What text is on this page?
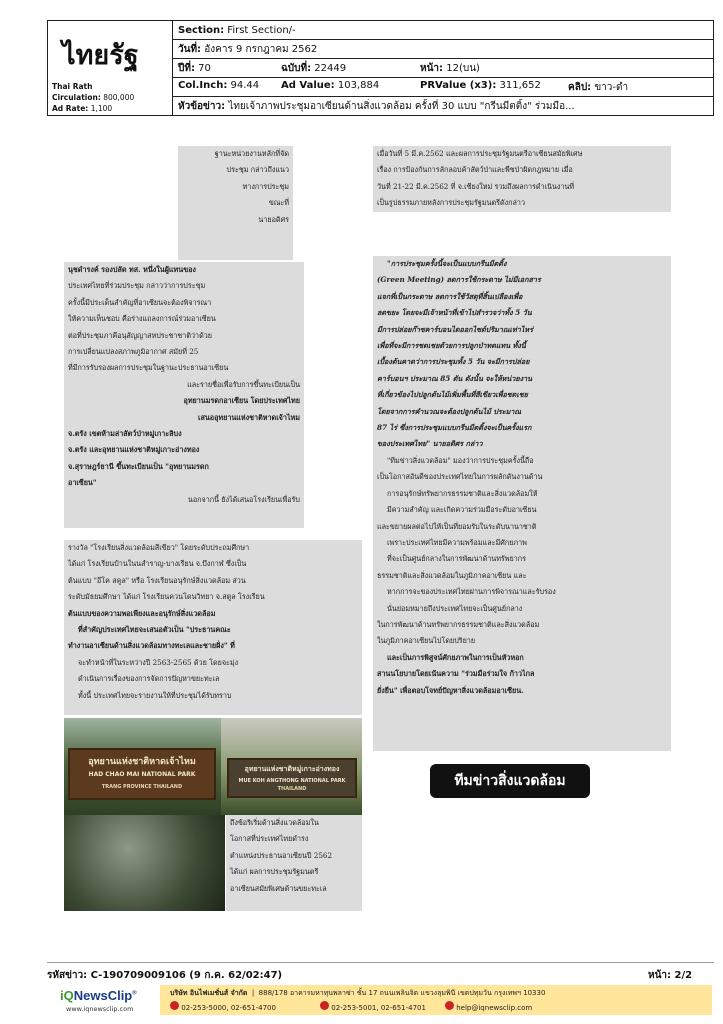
ไทยรัฐ
Thai Rath
Circulation: 800,000
Ad Rate: 1,100
Section: First Section/-
วันที่: อังคาร 9 กรกฎาคม 2562
ปีที่: 70	ฉบับที่: 22449	หน้า: 12(บน)
Col.Inch: 94.44 Ad Value: 103,884	PRValue (x3): 311,652	คลิป: ขาว-ดำ
หัวข้อข่าว: ไทยเจ้าภาพประชุมอาเซียนด้านสิ่งแวดล้อม ครั้งที่ 30 แบบ "กรีนมีตติ้ง" ร่วมมือ...

ฐานะหน่วยงานหลักที่จัด

ประชุม กล่าวถึงแนว

ทางการประชุม

ขณะที่

นายอดิศร

นุชดำรงค์ รองปลัด ทส. หนึ่งในผู้แทนของ

ประเทศไทยที่ร่วมประชุม กล่าวว่าการประชุม

ครั้งนี้มีประเด็นสำคัญที่อาเซียนจะต้องพิจารณา

ให้ความเห็นชอบ คือร่างแถลงการณ์ร่วมอาเซียน

ต่อที่ประชุมภาคีอนุสัญญาสหประชาชาติว่าด้วย

การเปลี่ยนแปลงสภาพภูมิอากาศ สมัยที่ 25

ที่มีการรับรองผลการประชุมในฐานะประธานอาเซียน

และรายชื่อเพื่อรับการขึ้นทะเบียนเป็น

อุทยานมรดกอาเซียน โดยประเทศไทย

เสนออุทยานแห่งชาติหาดเจ้าไหม

จ.ตรัง เขตห้ามล่าสัตว์ป่าหมู่เกาะลิบง

จ.ตรัง และอุทยานแห่งชาติหมู่เกาะอ่างทอง

จ.สุราษฎร์ธานี ขึ้นทะเบียนเป็น "อุทยานมรดก

อาเซียน"

นอกจากนี้ ยังได้เสนอโรงเรียนเพื่อรับ

รางวัล "โรงเรียนสิ่งแวดล้อมสีเขียว" โดยระดับประถมศึกษา

ได้แก่ โรงเรียนบ้านในนสำราญ-บางเรียน จ.บึงกาฬ ซึ่งเป็น

ต้นแบบ "อีโค สคูล" หรือ โรงเรียนอนุรักษ์สิ่งแวดล้อม ส่วน

ระดับมัธยมศึกษา ได้แก่ โรงเรียนควนโดนวิทยา จ.สตูล โรงเรียน

ต้นแบบของความพอเพียงและอนุรักษ์สิ่งแวดล้อม

ที่สำคัญประเทศไทยจะเสนอตัวเป็น "ประธานคณะ

ทำงานอาเซียนด้านสิ่งแวดล้อมทางทะเลและชายฝั่ง" ที่

จะทำหน้าที่ในระหว่างปี 2563-2565 ด้วย โดยจะมุ่ง

ดำเนินการเรื่องของการจัดการปัญหาขยะทะเล

ทั้งนี้ ประเทศไทยจะรายงานให้ที่ประชุมได้รับทราบ

อุทยานแห่งชาติหาดเจ้าไหม
HAD CHAO MAI NATIONAL PARK
TRANG PROVINCE THAILAND
อุทยานแห่งชาติหมู่เกาะอ่างทอง
MUE KOH ANGTHONG NATIONAL PARK
THAILAND

ถึงข้อริเริ่มด้านสิ่งแวดล้อมใน

โอกาสที่ประเทศไทยดำรง

ตำแหน่งประธานอาเซียนปี 2562

ได้แก่ ผลการประชุมรัฐมนตรี

อาเซียนสมัยพิเศษด้านขยะทะเล

เมื่อวันที่ 5 มี.ค.2562 และผลการประชุมรัฐมนตรีอาเซียนสมัยพิเศษ

เรื่อง การป้องกันการลักลอบค้าสัตว์ป่าและพืชป่าผิดกฎหมาย เมื่อ

วันที่ 21-22 มี.ค.2562 ที่ จ.เชียงใหม่ รวมถึงผลการดำเนินงานที่

เป็นรูปธรรมภายหลังการประชุมรัฐมนตรีดังกล่าว

"การประชุมครั้งนี้จะเป็นแบบกรีนมีตติ้ง

(Green Meeting) ลดการใช้กระดาษ ไม่มีเอกสาร

แจกที่เป็นกระดาษ ลดการใช้วัสดุที่สิ้นเปลืองเพื่อ

ลดขยะ โดยจะมีเจ้าหน้าที่เข้าไปสำรวจว่าทั้ง 5 วัน

มีการปล่อยก๊าซคาร์บอนไดออกไซด์ปริมาณเท่าไหร่

เพื่อที่จะมีการชดเชยด้วยการปลูกป่าทดแทน ทั้งนี้

เบื้องต้นคาดว่าการประชุมทั้ง 5 วัน จะมีการปล่อย

คาร์บอนฯ ประมาณ 85 ตัน ดังนั้น จะให้หน่วยงาน

ที่เกี่ยวข้องไปปลูกต้นไม้เพิ่มพื้นที่สีเขียวเพื่อชดเชย

โดยจากการคำนวณจะต้องปลูกต้นไม้ ประมาณ

87 ไร่ ซึ่งการประชุมแบบกรีนมีตติ้งจะเป็นครั้งแรก

ของประเทศไทย" นายอดิศร กล่าว

"ทีมข่าวสิ่งแวดล้อม" มองว่าการประชุมครั้งนี้ถือ

เป็นโอกาสอันดีของประเทศไทยในการผลักดันงานด้าน

การอนุรักษ์ทรัพยากรธรรมชาติและสิ่งแวดล้อมให้

มีความสำคัญ และเกิดความร่วมมือระดับอาเซียน

และขยายผลต่อไปให้เป็นที่ยอมรับในระดับนานาชาติ

เพราะประเทศไทยมีความพร้อมและมีศักยภาพ

ที่จะเป็นศูนย์กลางในการพัฒนาด้านทรัพยากร

ธรรมชาติและสิ่งแวดล้อมในภูมิภาคอาเซียน และ

หากการจะของประเทศไทยผ่านการพิจารณาและรับรอง

นั่นย่อมหมายถึงประเทศไทยจะเป็นศูนย์กลาง

ในการพัฒนาด้านทรัพยากรธรรมชาติและสิ่งแวดล้อม

ในภูมิภาคอาเซียนไปโดยปริยาย

และเป็นการพิสูจน์ศักยภาพในการเป็นหัวหอก

สานนโยบายโดยเน้นความ "ร่วมมือร่วมใจ ก้าวไกล

ยั่งยืน" เพื่อตอบโจทย์ปัญหาสิ่งแวดล้อมอาเซียน.

ทีมข่าวสิ่งแวดล้อม
รหัสข่าว: C-190709009106 (9 ก.ค. 62/02:47)	หน้า: 2/2
iQNewsClip®
www.iqnewsclip.com
บริษัท อินไฟเมชั่นส์ จำกัด  |  888/178 อาคารมหาทุนพลาซ่า ชั้น 17 ถนนเพลินจิต แขวงลุมพินี เขตปทุมวัน กรุงเทพฯ 10330
02-253-5000, 02-651-4700	02-253-5001, 02-651-4701	help@iqnewsclip.com
